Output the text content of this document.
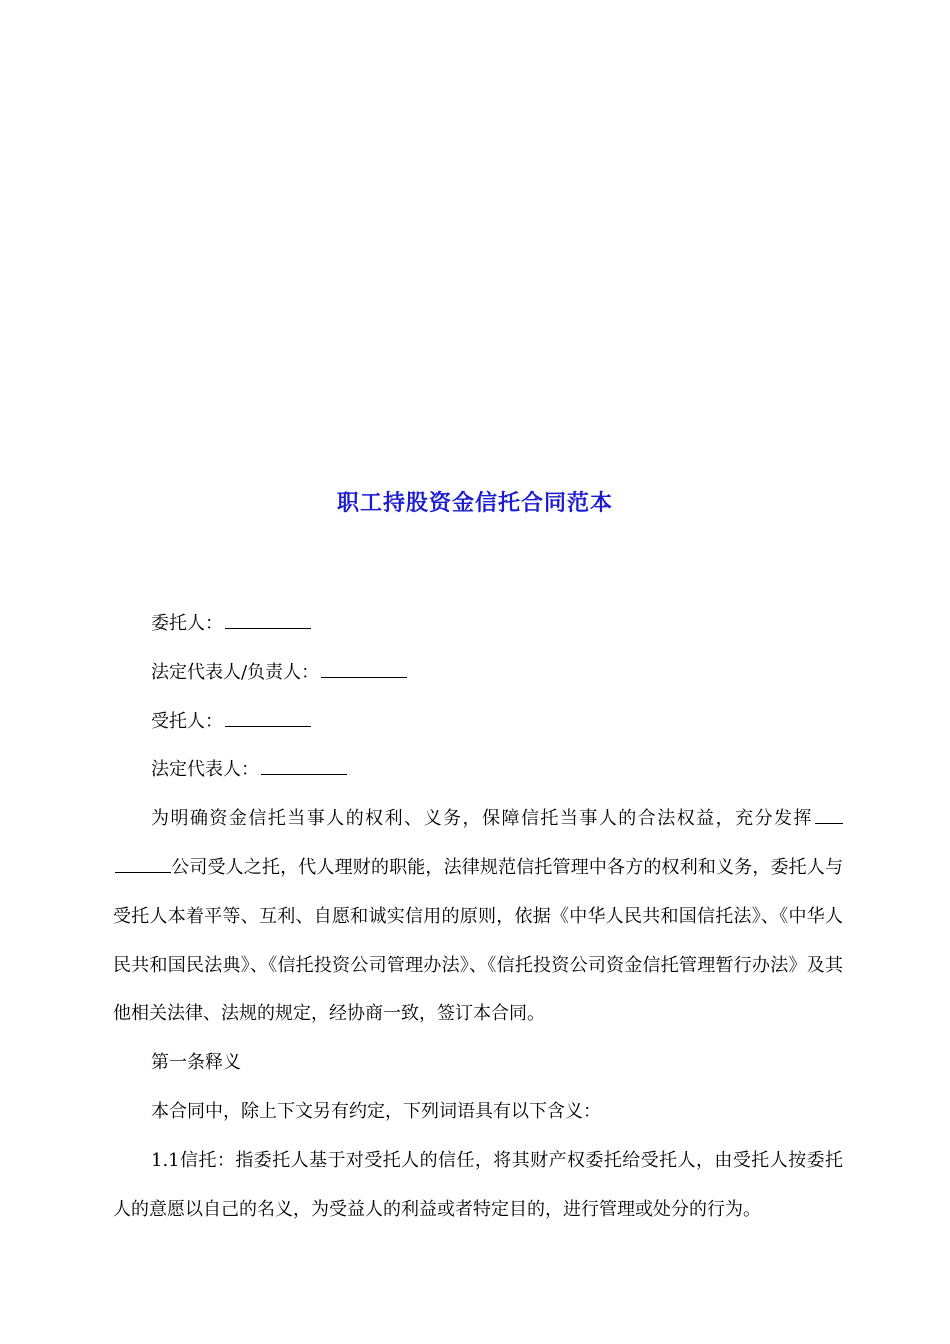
职工持股资金信托合同范本

委托人：

法定代表人/负责人：

受托人：

法定代表人：

为明确资金信托当事人的权利、义务，保障信托当事人的合法权益，充分发挥公司受人之托，代人理财的职能，法律规范信托管理中各方的权利和义务，委托人与受托人本着平等、互利、自愿和诚实信用的原则，依据《中华人民共和国信托法》、《中华人民共和国民法典》、《信托投资公司管理办法》、《信托投资公司资金信托管理暂行办法》及其他相关法律、法规的规定，经协商一致，签订本合同。

第一条释义

本合同中，除上下文另有约定，下列词语具有以下含义：

1.1信托：指委托人基于对受托人的信任，将其财产权委托给受托人，由受托人按委托人的意愿以自己的名义，为受益人的利益或者特定目的，进行管理或处分的行为。
